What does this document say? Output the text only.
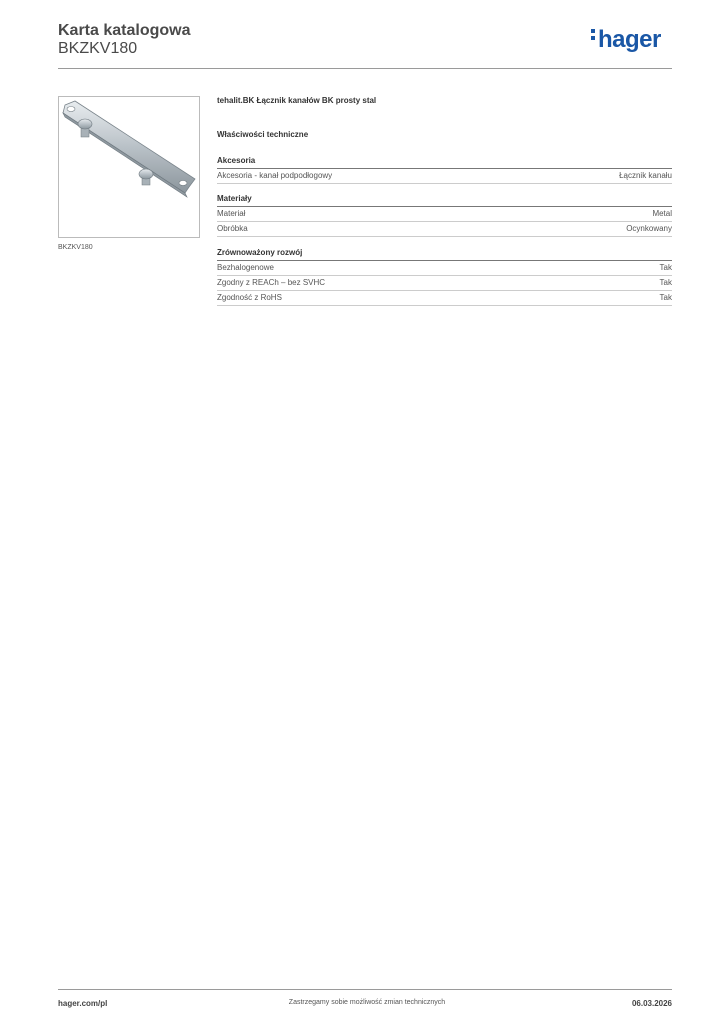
Karta katalogowa
BKZKV180	hager
BKZKV180
tehalit.BK Łącznik kanałów BK prosty stal
Właściwości techniczne
Akcesoria
Akcesoria - kanał podpodłogowy	Łącznik kanału
Materiały
Materiał	Metal
Obróbka	Ocynkowany
Zrównoważony rozwój
Bezhalogenowe	Tak
Zgodny z REACh – bez SVHC	Tak
Zgodność z RoHS	Tak
hager.com/pl	Zastrzegamy sobie możliwość zmian technicznych	06.03.2026
